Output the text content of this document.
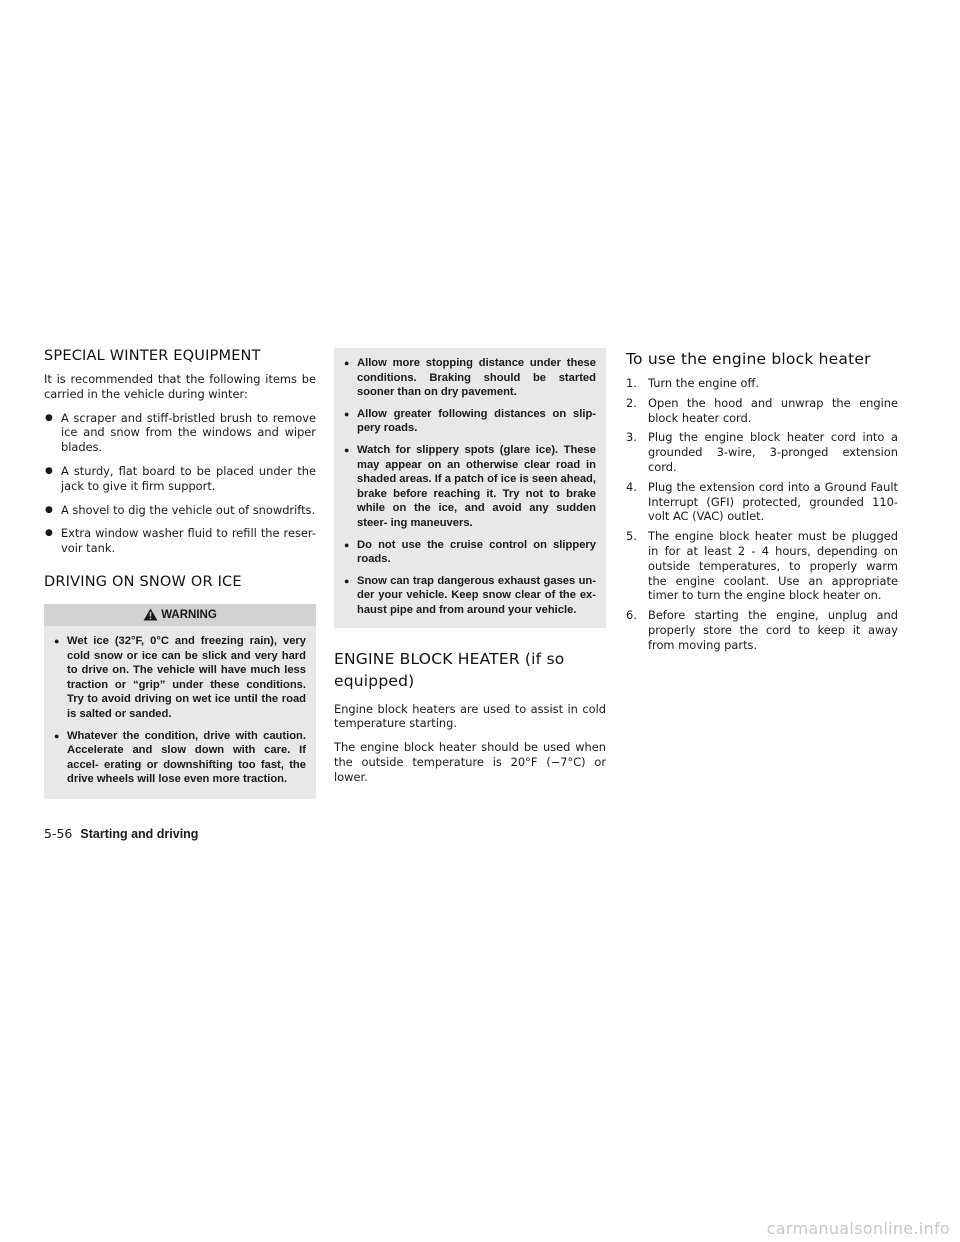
SPECIAL WINTER EQUIPMENT

It is recommended that the following items be carried in the vehicle during winter:

● A scraper and stiff-bristled brush to remove ice and snow from the windows and wiper blades.
● A sturdy, flat board to be placed under the jack to give it firm support.
● A shovel to dig the vehicle out of snowdrifts.
● Extra window washer fluid to refill the reser- voir tank.
DRIVING ON SNOW OR ICE
WARNING
● Wet ice (32°F, 0°C and freezing rain), very cold snow or ice can be slick and very hard to drive on. The vehicle will have much less traction or “grip” under these conditions. Try to avoid driving on wet ice until the road is salted or sanded.
● Whatever the condition, drive with caution. Accelerate and slow down with care. If accel- erating or downshifting too fast, the drive wheels will lose even more traction.
● Allow more stopping distance under these conditions. Braking should be started sooner than on dry pavement.
● Allow greater following distances on slip- pery roads.
● Watch for slippery spots (glare ice). These may appear on an otherwise clear road in shaded areas. If a patch of ice is seen ahead, brake before reaching it. Try not to brake while on the ice, and avoid any sudden steer- ing maneuvers.
● Do not use the cruise control on slippery roads.
● Snow can trap dangerous exhaust gases un- der your vehicle. Keep snow clear of the ex- haust pipe and from around your vehicle.
ENGINE BLOCK HEATER (if so equipped)

Engine block heaters are used to assist in cold temperature starting.

The engine block heater should be used when the outside temperature is 20°F (−7°C) or lower.

To use the engine block heater
1. Turn the engine off.
2. Open the hood and unwrap the engine block heater cord.
3. Plug the engine block heater cord into a grounded 3-wire, 3-pronged extension cord.
4. Plug the extension cord into a Ground Fault Interrupt (GFI) protected, grounded 110-volt AC (VAC) outlet.
5. The engine block heater must be plugged in for at least 2 - 4 hours, depending on outside temperatures, to properly warm the engine coolant. Use an appropriate timer to turn the engine block heater on.
6. Before starting the engine, unplug and properly store the cord to keep it away from moving parts.
5-56 Starting and driving
carmanualsonline.info
